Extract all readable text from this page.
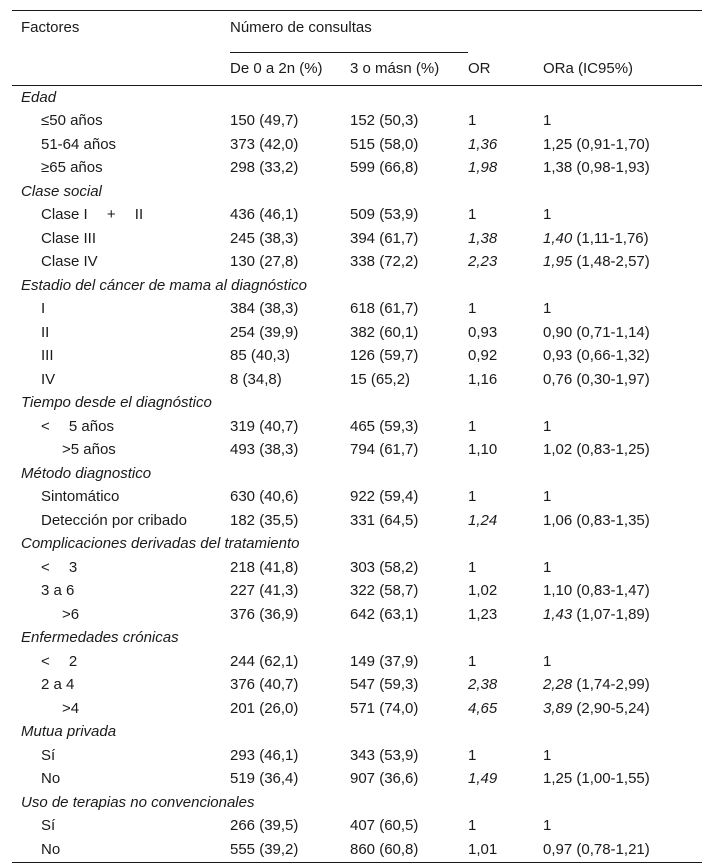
Factores	Número de consultas			
	De 0 a 2n (%)	3 o másn (%)	OR	ORa (IC95%)
Edad				
≤50 años	150 (49,7)	152 (50,3)	1	1
51-64 años	373 (42,0)	515 (58,0)	1,36	1,25 (0,91-1,70)
≥65 años	298 (33,2)	599 (66,8)	1,98	1,38 (0,98-1,93)
Clase social				
Clase I  +  II	436 (46,1)	509 (53,9)	1	1
Clase III	245 (38,3)	394 (61,7)	1,38	1,40 (1,11-1,76)
Clase IV	130 (27,8)	338 (72,2)	2,23	1,95 (1,48-2,57)
Estadio del cáncer de mama al diagnóstico				
I	384 (38,3)	618 (61,7)	1	1
II	254 (39,9)	382 (60,1)	0,93	0,90 (0,71-1,14)
III	85 (40,3)	126 (59,7)	0,92	0,93 (0,66-1,32)
IV	8 (34,8)	15 (65,2)	1,16	0,76 (0,30-1,97)
Tiempo desde el diagnóstico				
<  5 años	319 (40,7)	465 (59,3)	1	1
>5 años	493 (38,3)	794 (61,7)	1,10	1,02 (0,83-1,25)
Método diagnostico				
Sintomático	630 (40,6)	922 (59,4)	1	1
Detección por cribado	182 (35,5)	331 (64,5)	1,24	1,06 (0,83-1,35)
Complicaciones derivadas del tratamiento				
<  3	218 (41,8)	303 (58,2)	1	1
3 a 6	227 (41,3)	322 (58,7)	1,02	1,10 (0,83-1,47)
>6	376 (36,9)	642 (63,1)	1,23	1,43 (1,07-1,89)
Enfermedades crónicas				
<  2	244 (62,1)	149 (37,9)	1	1
2 a 4	376 (40,7)	547 (59,3)	2,38	2,28 (1,74-2,99)
>4	201 (26,0)	571 (74,0)	4,65	3,89 (2,90-5,24)
Mutua privada				
Sí	293 (46,1)	343 (53,9)	1	1
No	519 (36,4)	907 (36,6)	1,49	1,25 (1,00-1,55)
Uso de terapias no convencionales				
Sí	266 (39,5)	407 (60,5)	1	1
No	555 (39,2)	860 (60,8)	1,01	0,97 (0,78-1,21)
